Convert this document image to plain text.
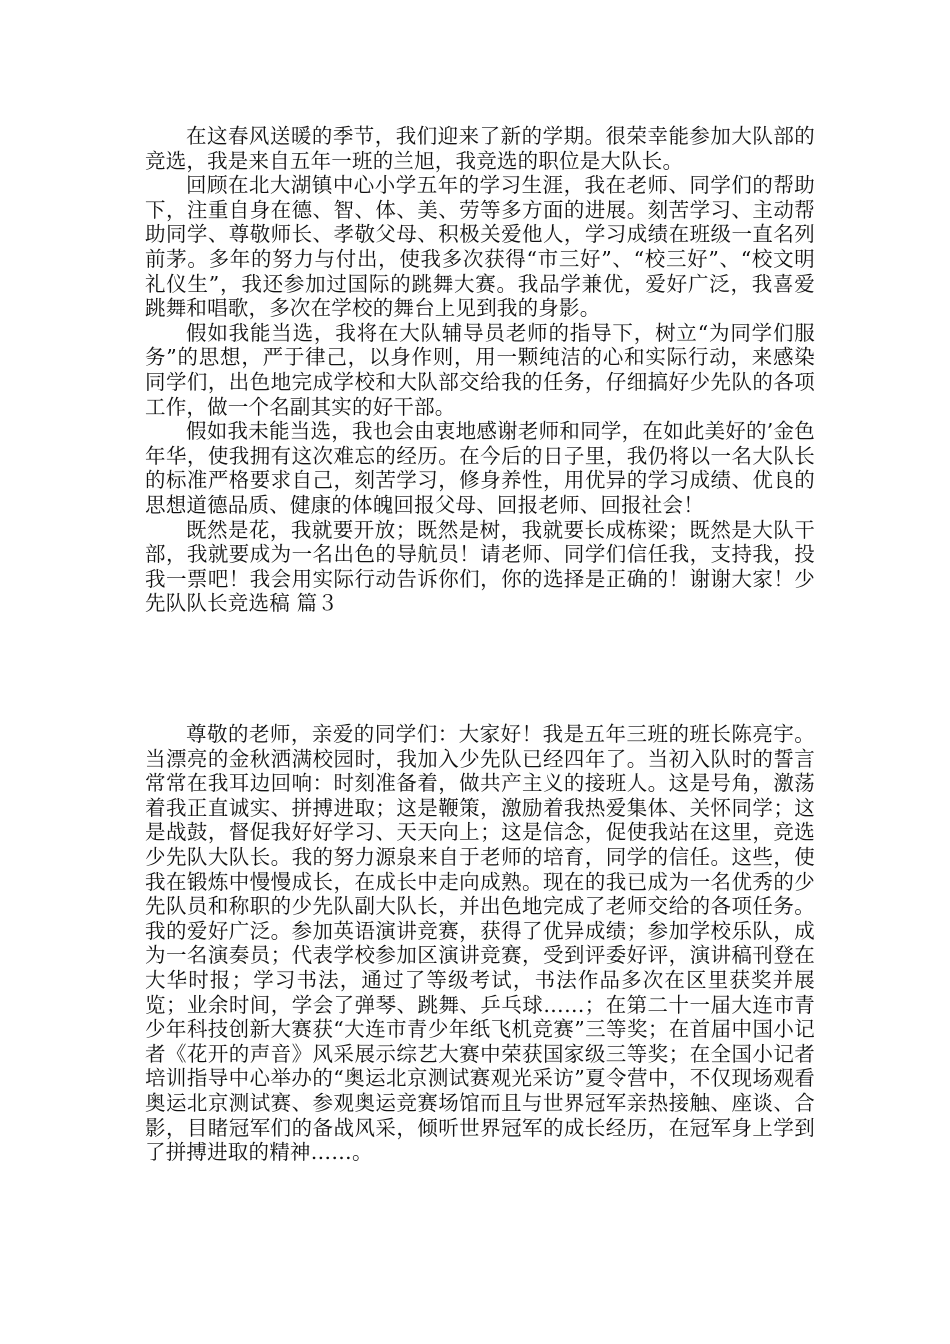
在这春风送暖的季节，我们迎来了新的学期。很荣幸能参加大队部的竞选，我是来自五年一班的兰旭，我竞选的职位是大队长。

回顾在北大湖镇中心小学五年的学习生涯，我在老师、同学们的帮助下，注重自身在德、智、体、美、劳等多方面的进展。刻苦学习、主动帮助同学、尊敬师长、孝敬父母、积极关爱他人，学习成绩在班级一直名列前茅。多年的努力与付出，使我多次获得“市三好”、“校三好”、“校文明礼仪生”，我还参加过国际的跳舞大赛。我品学兼优，爱好广泛，我喜爱跳舞和唱歌，多次在学校的舞台上见到我的身影。

假如我能当选，我将在大队辅导员老师的指导下，树立“为同学们服务”的思想，严于律己，以身作则，用一颗纯洁的心和实际行动，来感染同学们，出色地完成学校和大队部交给我的任务，仔细搞好少先队的各项工作，做一个名副其实的好干部。

假如我未能当选，我也会由衷地感谢老师和同学，在如此美好的’金色年华，使我拥有这次难忘的经历。在今后的日子里，我仍将以一名大队长的标准严格要求自己，刻苦学习，修身养性，用优异的学习成绩、优良的思想道德品质、健康的体魄回报父母、回报老师、回报社会！

既然是花，我就要开放；既然是树，我就要长成栋梁；既然是大队干部，我就要成为一名出色的导航员！请老师、同学们信任我，支持我，投我一票吧！我会用实际行动告诉你们，你的选择是正确的！谢谢大家！少先队队长竞选稿 篇３

尊敬的老师，亲爱的同学们：大家好！我是五年三班的班长陈亮宇。当漂亮的金秋洒满校园时，我加入少先队已经四年了。当初入队时的誓言常常在我耳边回响：时刻准备着，做共产主义的接班人。这是号角，激荡着我正直诚实、拼搏进取；这是鞭策，激励着我热爱集体、关怀同学；这是战鼓，督促我好好学习、天天向上；这是信念，促使我站在这里，竞选少先队大队长。我的努力源泉来自于老师的培育，同学的信任。这些，使我在锻炼中慢慢成长，在成长中走向成熟。现在的我已成为一名优秀的少先队员和称职的少先队副大队长，并出色地完成了老师交给的各项任务。我的爱好广泛。参加英语演讲竞赛，获得了优异成绩；参加学校乐队，成为一名演奏员；代表学校参加区演讲竞赛，受到评委好评，演讲稿刊登在大华时报；学习书法，通过了等级考试，书法作品多次在区里获奖并展览；业余时间，学会了弹琴、跳舞、乒乓球……；在第二十一届大连市青少年科技创新大赛获“大连市青少年纸飞机竞赛”三等奖；在首届中国小记者《花开的声音》风采展示综艺大赛中荣获国家级三等奖；在全国小记者培训指导中心举办的“奥运北京测试赛观光采访”夏令营中，不仅现场观看奥运北京测试赛、参观奥运竞赛场馆而且与世界冠军亲热接触、座谈、合影，目睹冠军们的备战风采，倾听世界冠军的成长经历，在冠军身上学到了拼搏进取的精神……。
